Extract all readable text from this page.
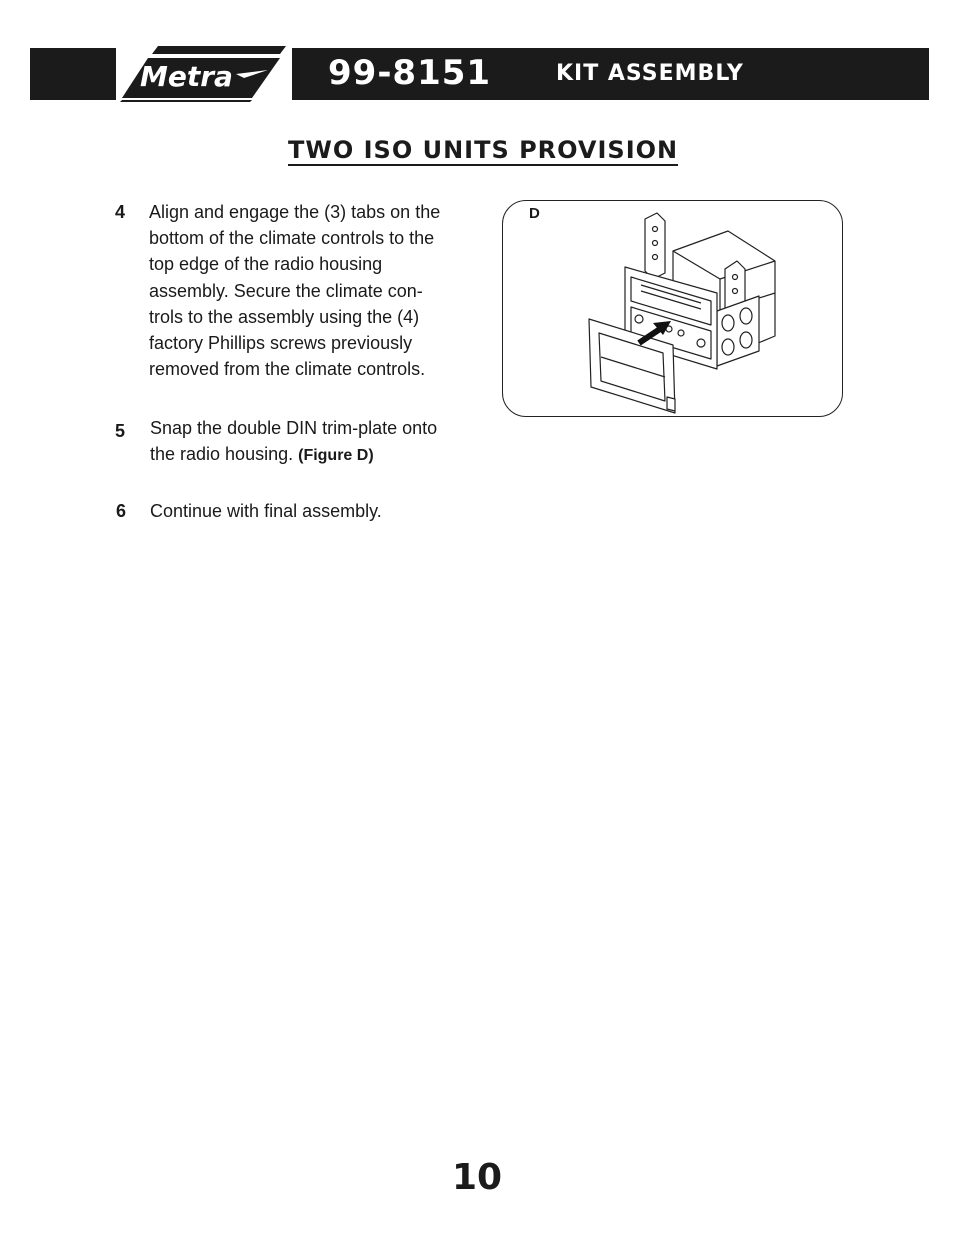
Metra	99-8151	KIT ASSEMBLY
TWO ISO UNITS PROVISION
4 Align and engage the (3) tabs on the
bottom of the climate controls to the
top edge of the radio housing
assembly. Secure the climate con-
trols to the assembly using the (4)
factory Phillips screws previously
removed from the climate controls.
5 Snap the double DIN trim-plate onto
the radio housing. (Figure D)
6 Continue with final assembly.
D
10
